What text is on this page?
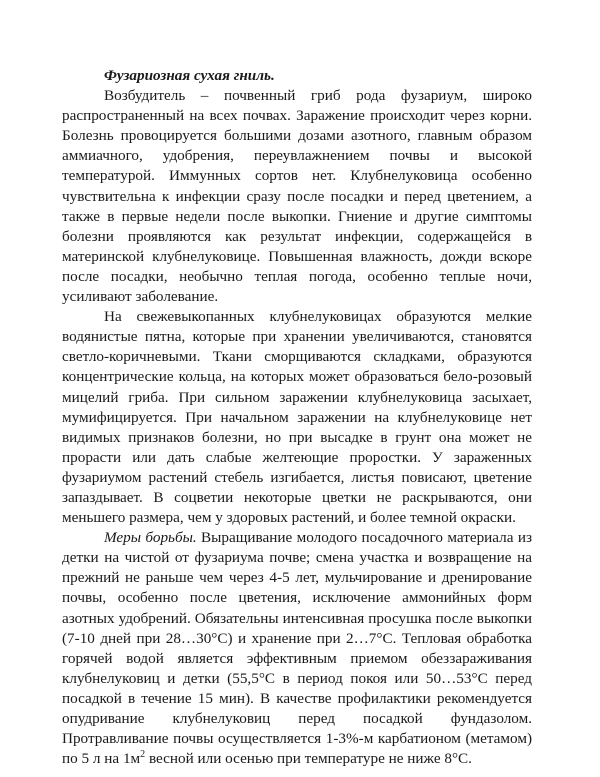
Фузариозная сухая гниль.

Возбудитель – почвенный гриб рода фузариум, широко распространенный на всех почвах. Заражение происходит через корни. Болезнь провоцируется большими дозами азотного, главным образом аммиачного, удобрения, переувлажнением почвы и высокой температурой. Иммунных сортов нет. Клубнелуковица особенно чувствительна к инфекции сразу после посадки и перед цветением, а также в первые недели после выкопки. Гниение и другие симптомы болезни проявляются как результат инфекции, содержащейся в материнской клубнелуковице. Повышенная влажность, дожди вскоре после посадки, необычно теплая погода, особенно теплые ночи, усиливают заболевание.

На свежевыкопанных клубнелуковицах образуются мелкие водянистые пятна, которые при хранении увеличиваются, становятся светло-коричневыми. Ткани сморщиваются складками, образуются концентрические кольца, на которых может образоваться бело-розовый мицелий гриба. При сильном заражении клубнелуковица засыхает, мумифицируется. При начальном заражении на клубнелуковице нет видимых признаков болезни, но при высадке в грунт она может не прорасти или дать слабые желтеющие проростки. У зараженных фузариумом растений стебель изгибается, листья повисают, цветение запаздывает. В соцветии некоторые цветки не раскрываются, они меньшего размера, чем у здоровых растений, и более темной окраски.

Меры борьбы. Выращивание молодого посадочного материала из детки на чистой от фузариума почве; смена участка и возвращение на прежний не раньше чем через 4-5 лет, мульчирование и дренирование почвы, особенно после цветения, исключение аммонийных форм азотных удобрений. Обязательны интенсивная просушка после выкопки (7-10 дней при 28…30°С) и хранение при 2…7°С. Тепловая обработка горячей водой является эффективным приемом обеззараживания клубнелуковиц и детки (55,5°С в период покоя или 50…53°С перед посадкой в течение 15 мин). В качестве профилактики рекомендуется опудривание клубнелуковиц перед посадкой фундазолом. Протравливание почвы осуществляется 1-3%-м карбатионом (метамом) по 5 л на $1м^2$ весной или осенью при температуре не ниже 8°С.
